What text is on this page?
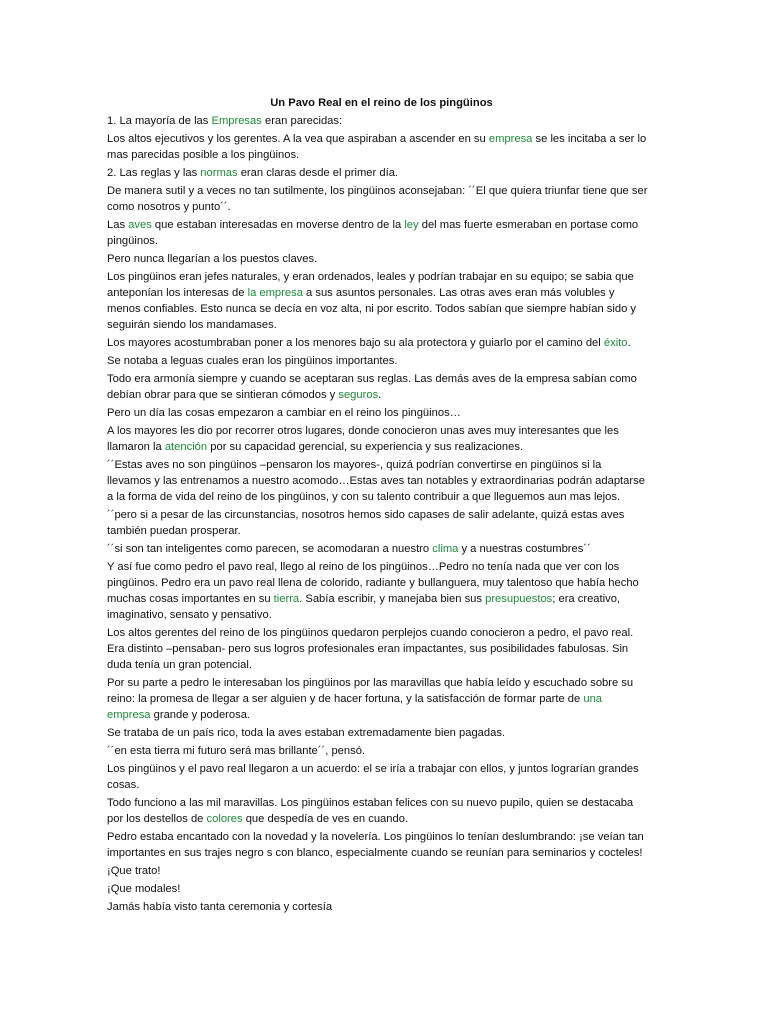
Un Pavo Real en el reino de los pingüinos
1. La mayoría de las Empresas eran parecidas:
Los altos ejecutivos y los gerentes. A la vea que aspiraban a ascender en su empresa se les incitaba a ser lo mas parecidas posible a los pingüinos.
2. Las reglas y las normas eran claras desde el primer día.
De manera sutil y a veces no tan sutilmente, los pingüinos aconsejaban: ´´El que quiera triunfar tiene que ser como nosotros y punto´´.
Las aves que estaban interesadas en moverse dentro de la ley del mas fuerte esmeraban en portase como pingüinos.
Pero nunca llegarían a los puestos claves.
Los pingüinos eran jefes naturales, y eran ordenados, leales y podrían trabajar en su equipo; se sabia que anteponían los interesas de la empresa a sus asuntos personales. Las otras aves eran más volubles y menos confiables. Esto nunca se decía en voz alta, ni por escrito. Todos sabían que siempre habían sido y seguirán siendo los mandamases.
Los mayores acostumbraban poner a los menores bajo su ala protectora y guiarlo por el camino del éxito.
Se notaba a leguas cuales eran los pingüinos importantes.
Todo era armonía siempre y cuando se aceptaran sus reglas. Las demás aves de la empresa sabían como debían obrar para que se sintieran cómodos y seguros.
Pero un día las cosas empezaron a cambiar en el reino los pingüinos…
A los mayores les dio por recorrer otros lugares, donde conocieron unas aves muy interesantes que les llamaron la atención por su capacidad gerencial, su experiencia y sus realizaciones.
´´Estas aves no son pingüinos –pensaron los mayores-, quizá podrían convertirse en pingüinos si la llevamos y las entrenamos a nuestro acomodo…Estas aves tan notables y extraordinarias podrán adaptarse a la forma de vida del reino de los pingüinos, y con su talento contribuir a que lleguemos aun mas lejos.
´´pero si a pesar de las circunstancias, nosotros hemos sido capases de salir adelante, quizá estas aves también puedan prosperar.
´´si son tan inteligentes como parecen, se acomodaran a nuestro clima y a nuestras costumbres´´
Y así fue como pedro el pavo real, llego al reino de los pingüinos…Pedro no tenía nada que ver con los pingüinos. Pedro era un pavo real llena de colorido, radiante y bullanguera, muy talentoso que había hecho muchas cosas importantes en su tierra. Sabía escribir, y manejaba bien sus presupuestos; era creativo, imaginativo, sensato y pensativo.
Los altos gerentes del reino de los pingüinos quedaron perplejos cuando conocieron a pedro, el pavo real. Era distinto –pensaban- pero sus logros profesionales eran impactantes, sus posibilidades fabulosas. Sin duda tenía un gran potencial.
Por su parte a pedro le interesaban los pingüinos por las maravillas que había leído y escuchado sobre su reino: la promesa de llegar a ser alguien y de hacer fortuna, y la satisfacción de formar parte de una empresa grande y poderosa.
Se trataba de un país rico, toda la aves estaban extremadamente bien pagadas.
´´en esta tierra mi futuro será mas brillante´´, pensó.
Los pingüinos y el pavo real llegaron a un acuerdo: el se iría a trabajar con ellos, y juntos lograrían grandes cosas.
Todo funciono a las mil maravillas. Los pingüinos estaban felices con su nuevo pupilo, quien se destacaba por los destellos de colores que despedía de ves en cuando.
Pedro estaba encantado con la novedad y la novelería. Los pingüinos lo tenían deslumbrando: ¡se veían tan importantes en sus trajes negro s con blanco, especialmente cuando se reunían para seminarios y cocteles!
¡Que trato!
¡Que modales!
Jamás había visto tanta ceremonia y cortesía
